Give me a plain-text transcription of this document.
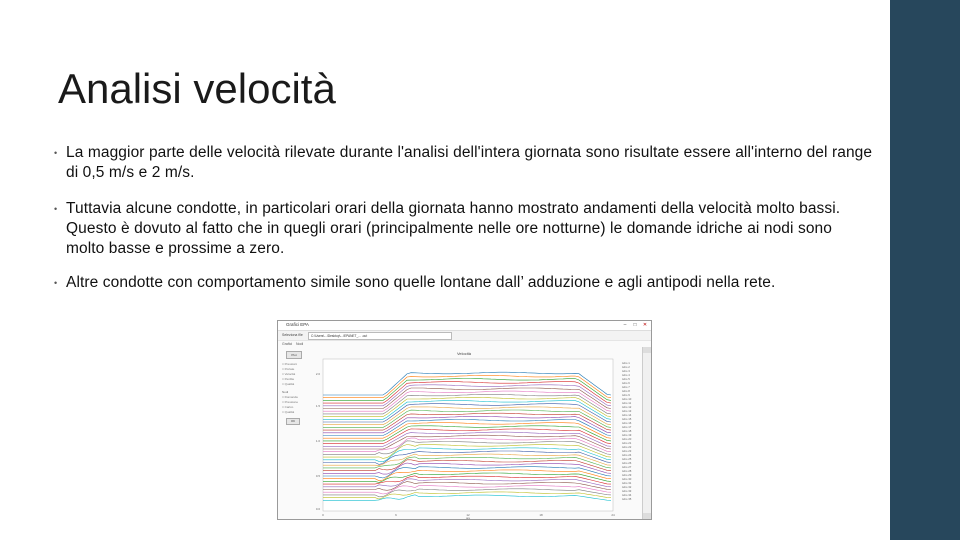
Analisi velocità
• La maggior parte delle velocità rilevate durante l'analisi dell'intera giornata sono risultate essere all'interno del range di 0,5 m/s e 2 m/s.
• Tuttavia alcune condotte, in particolari orari della giornata hanno mostrato andamenti della velocità molto bassi. Questo è dovuto al fatto che in quegli orari (principalmente nelle ore notturne) le domande idriche ai nodi sono molto basse e prossime a zero.
• Altre condotte con comportamento simile sono quelle lontane dall’ adduzione e agli antipodi nella rete.
Grafici EPA	–	□	✕
Seleziona file	C:\Users\...\Desktop\...\EPANET_... .out
Grafici Nodi
Plot
□ Pressioni
□ Portate
□ Velocità
□ Perdite
□ Qualità
Nodi
□ Domanda
□ Pressione
□ Carico
□ Qualità
OK
Velocità
2.0
1.5
1.0
0.5
0.0
0	6	12	18	24
ore
tubo 1
tubo 2
tubo 3
tubo 4
tubo 5
tubo 6
tubo 7
tubo 8
tubo 9
tubo 10
tubo 11
tubo 12
tubo 13
tubo 14
tubo 15
tubo 16
tubo 17
tubo 18
tubo 19
tubo 20
tubo 21
tubo 22
tubo 23
tubo 24
tubo 25
tubo 26
tubo 27
tubo 28
tubo 29
tubo 30
tubo 31
tubo 32
tubo 33
tubo 34
tubo 35
